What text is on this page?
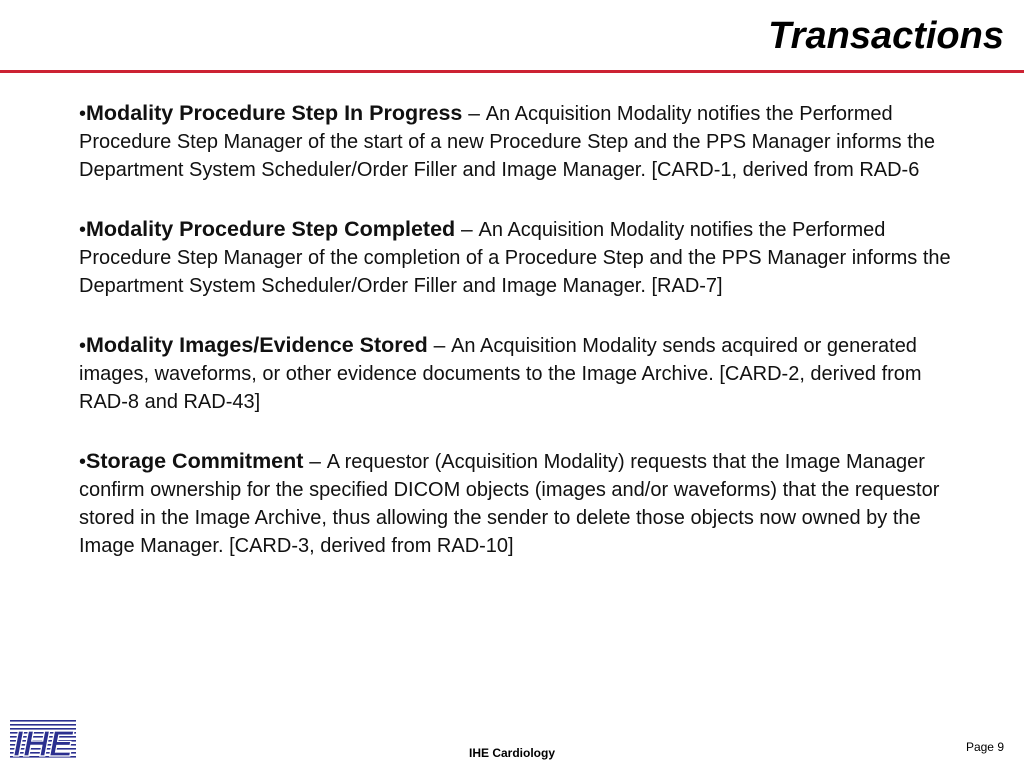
Transactions

•Modality Procedure Step In Progress – An Acquisition Modality notifies the Performed Procedure Step Manager of the start of a new Procedure Step and the PPS Manager informs the Department System Scheduler/Order Filler and Image Manager. [CARD-1, derived from RAD-6

•Modality Procedure Step Completed – An Acquisition Modality notifies the Performed Procedure Step Manager of the completion of a Procedure Step and the PPS Manager informs the Department System Scheduler/Order Filler and Image Manager. [RAD-7]

•Modality Images/Evidence Stored – An Acquisition Modality sends acquired or generated images, waveforms, or other evidence documents to the Image Archive. [CARD-2, derived from RAD-8 and RAD-43]

•Storage Commitment – A requestor (Acquisition Modality) requests that the Image Manager confirm ownership for the specified DICOM objects (images and/or waveforms) that the requestor stored in the Image Archive, thus allowing the sender to delete those objects now owned by the Image Manager. [CARD-3, derived from RAD-10]

IHE	IHE Cardiology	Page 9
